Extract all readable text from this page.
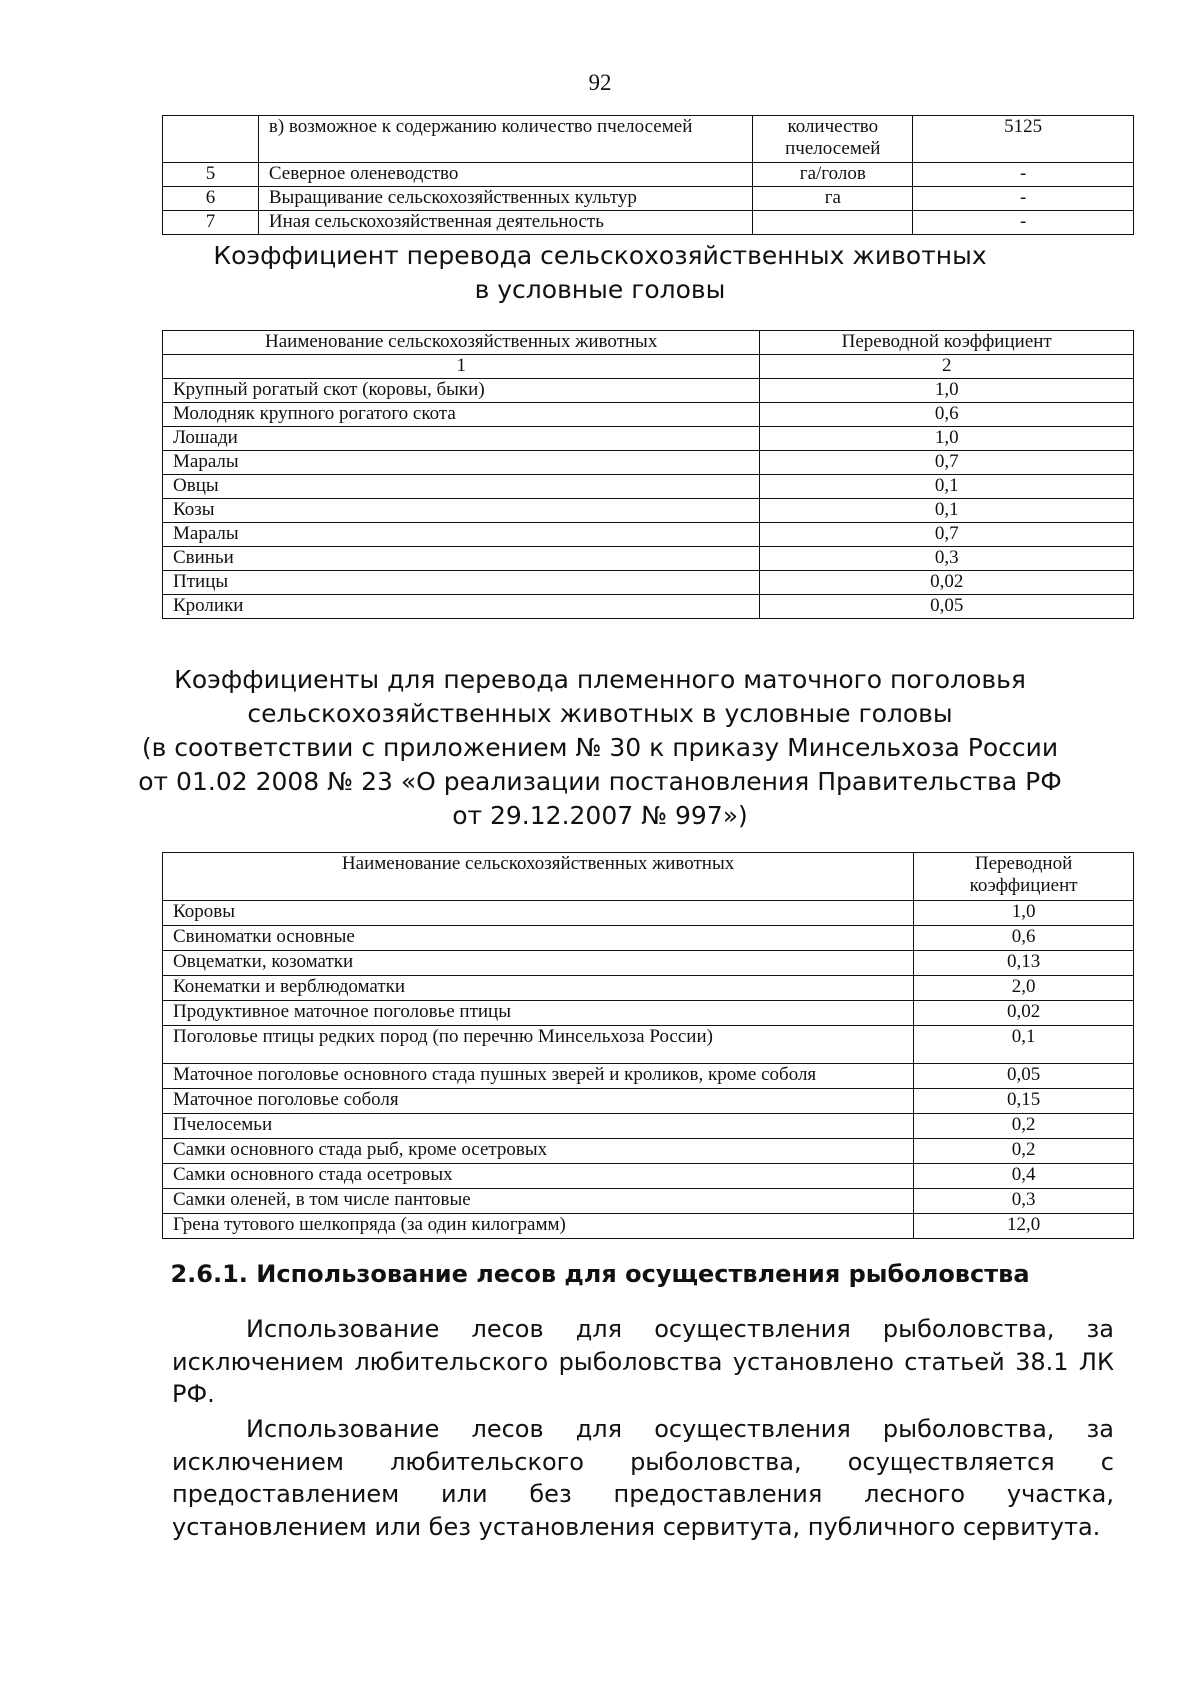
92
	в) возможное к содержанию количество пчелосемей	количество пчелосемей	5125
5	Северное оленеводство	га/голов	-
6	Выращивание сельскохозяйственных культур	га	-
7	Иная сельскохозяйственная деятельность		-
Коэффициент перевода сельскохозяйственных животных
в условные головы
Наименование сельскохозяйственных животных	Переводной коэффициент
1	2
Крупный рогатый скот (коровы, быки)	1,0
Молодняк крупного рогатого скота	0,6
Лошади	1,0
Маралы	0,7
Овцы	0,1
Козы	0,1
Маралы	0,7
Свиньи	0,3
Птицы	0,02
Кролики	0,05
Коэффициенты для перевода племенного маточного поголовья
сельскохозяйственных животных в условные головы
(в соответствии с приложением № 30 к приказу Минсельхоза России
от 01.02 2008 № 23 «О реализации постановления Правительства РФ
от 29.12.2007 № 997»)
Наименование сельскохозяйственных животных	Переводной
коэффициент

Коровы	1,0
Свиноматки основные	0,6
Овцематки, козоматки	0,13
Конематки и верблюдоматки	2,0
Продуктивное маточное поголовье птицы	0,02
Поголовье птицы редких пород (по перечню Минсельхоза России)	0,1
Маточное поголовье основного стада пушных зверей и кроликов, кроме соболя	0,05
Маточное поголовье соболя	0,15
Пчелосемьи	0,2
Самки основного стада рыб, кроме осетровых	0,2
Самки основного стада осетровых	0,4
Самки оленей, в том числе пантовые	0,3
Грена тутового шелкопряда (за один килограмм)	12,0
2.6.1. Использование лесов для осуществления рыболовства
Использование лесов для осуществления рыболовства, за исключением любительского рыболовства установлено статьей 38.1 ЛК РФ.
Использование лесов для осуществления рыболовства, за исключением любительского рыболовства, осуществляется с предоставлением или без предоставления лесного участка, установлением или без установления сервитута, публичного сервитута.
